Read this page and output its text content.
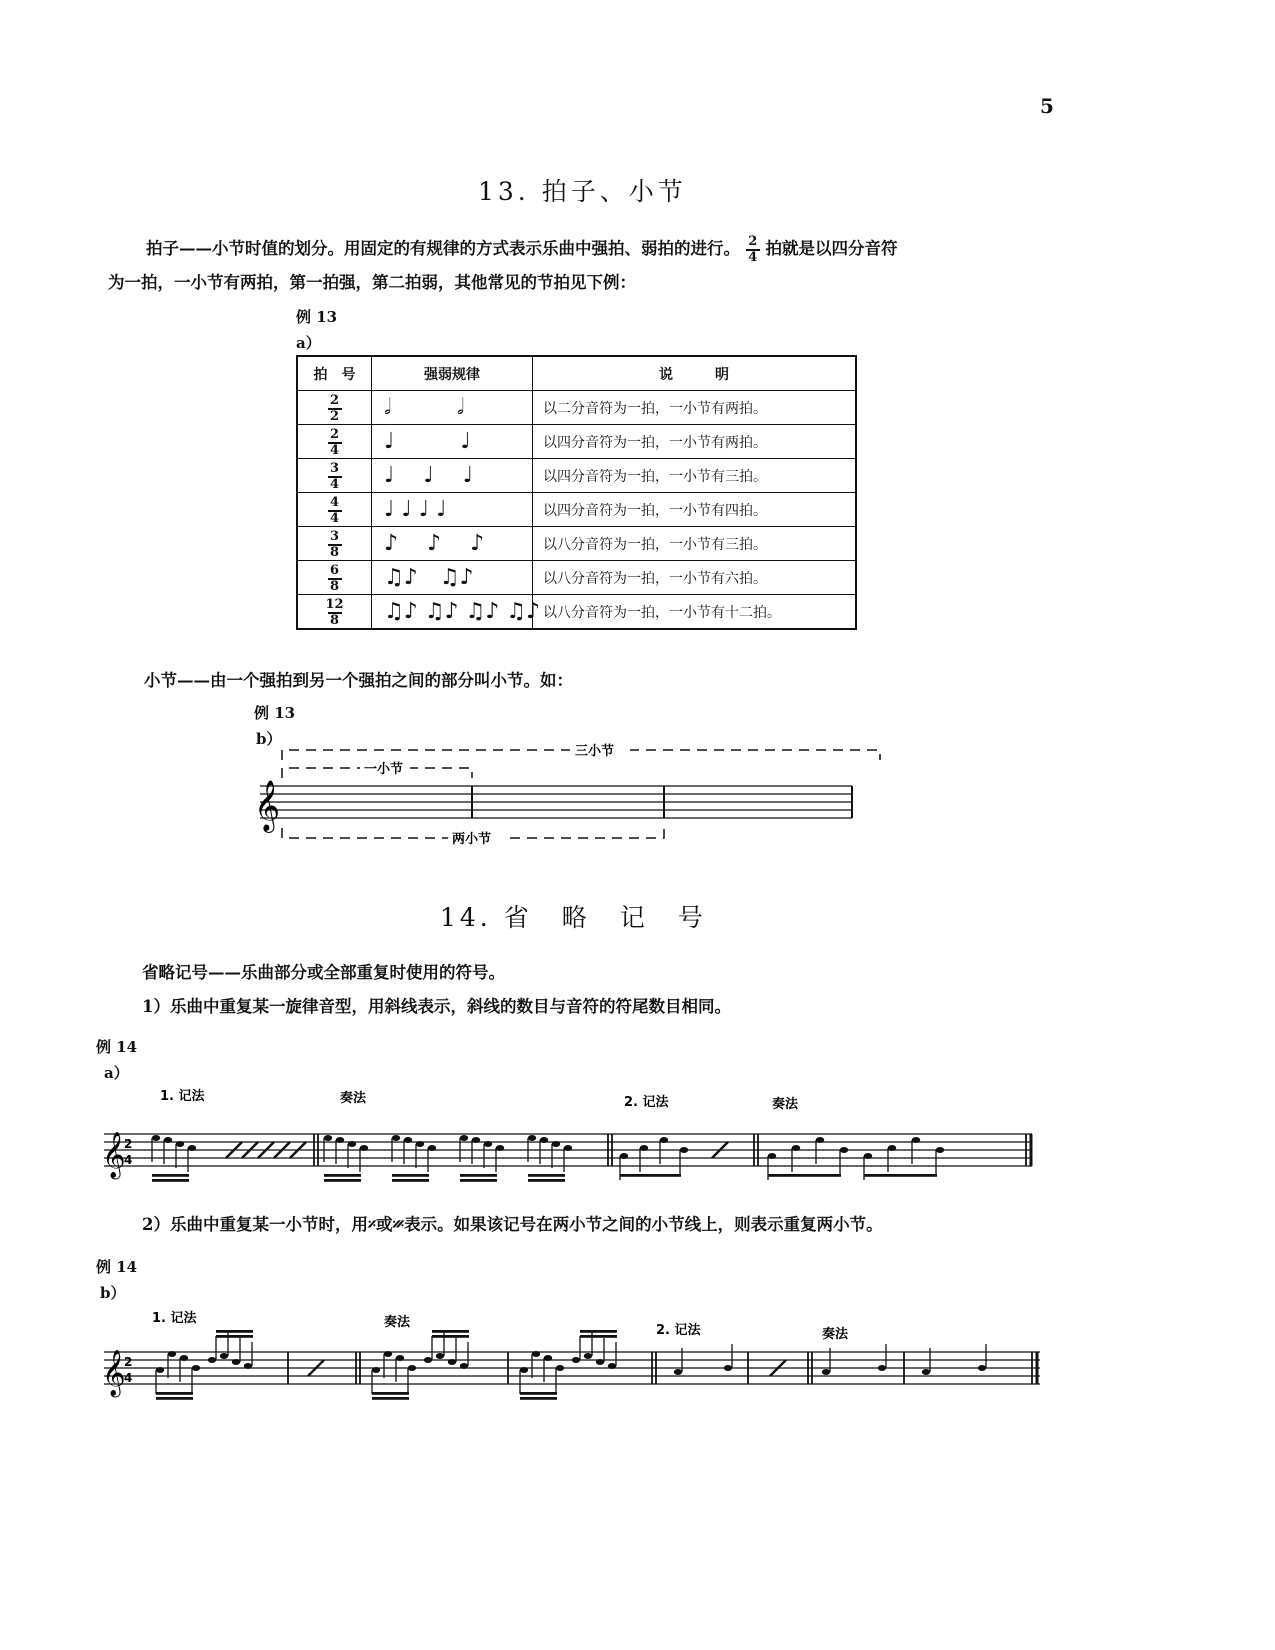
5
13. 拍子、小节
拍子——小节时值的划分。用固定的有规律的方式表示乐曲中强拍、弱拍的进行。 $\frac{2}{4}$ 拍就是以四分音符
为一拍，一小节有两拍，第一拍强，第二拍弱，其他常见的节拍见下例：
例 13
a）
拍　号	强弱规律	说　　　明

$\frac{2}{2}$	𝅗𝅥　　　𝅗𝅥	以二分音符为一拍，一小节有两拍。

$\frac{2}{4}$	♩　　　♩	以四分音符为一拍，一小节有两拍。

$\frac{3}{4}$	♩　 ♩　 ♩	以四分音符为一拍，一小节有三拍。

$\frac{4}{4}$	♩ ♩ ♩ ♩	以四分音符为一拍，一小节有四拍。

$\frac{3}{8}$	♪　 ♪　 ♪	以八分音符为一拍，一小节有三拍。

$\frac{6}{8}$	♫♪　♫♪	以八分音符为一拍，一小节有六拍。

$\frac{12}{8}$	♫♪ ♫♪ ♫♪ ♫♪	以八分音符为一拍，一小节有十二拍。
小节——由一个强拍到另一个强拍之间的部分叫小节。如：
例 13
b）
三小节
一小节
两小节
𝄞
14. 省　略　记　号
省略记号——乐曲部分或全部重复时使用的符号。
1）乐曲中重复某一旋律音型，用斜线表示，斜线的数目与音符的符尾数目相同。
例 14
a）
1. 记法	奏法	2. 记法	奏法
𝄞
2
4
2）乐曲中重复某一小节时，用𝄎或𝄏表示。如果该记号在两小节之间的小节线上，则表示重复两小节。
例 14
b）
1. 记法	奏法
2. 记法	奏法
𝄞
2
4
